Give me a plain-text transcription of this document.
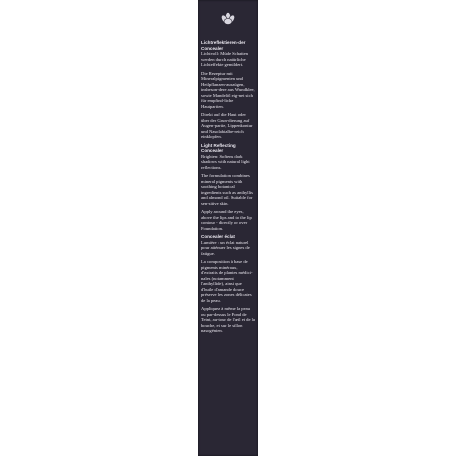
Lichtreflektieren-der Concealer
Lichtvoll: Müde Schatten werden durch natürliche Lichteffekte gemildert.
Die Rezeptur mit Mineralpigmenten und Heilpflanzen-auszügen, insbeson-dere aus Wundklee, sowie Mandelöl eig-net sich für empfind-liche Hautpartien.
Direkt auf die Haut oder über der Grun-dierung auf Augen-partie, Lippenkontur und Nasolabialbe-reich einklopfen.
Light Reflecting Concealer
Brighten: Softens dark shadows with natural light reflections.
The formulation combines mineral pigments with soothing botanical ingredients such as anthyllis and almond oil. Suitable for sen-sitive skin.
Apply around the eyes, above the lips and to the lip contour - directly or over Foundation.
Concealer éclat
Lumière : un éclat naturel pour atténuer les signes de fatigue.
La composition à base de pigments minéraux, d'extraits de plantes médici-nales (notamment l'anthyllide), ainsi que d'huile d'amande douce préserve les zones délicates de la peau.
Appliquez à même la peau ou par-dessus le Fond de Teint, au-tour de l'œil et de la bouche, et sur le sillon nasogénien.
